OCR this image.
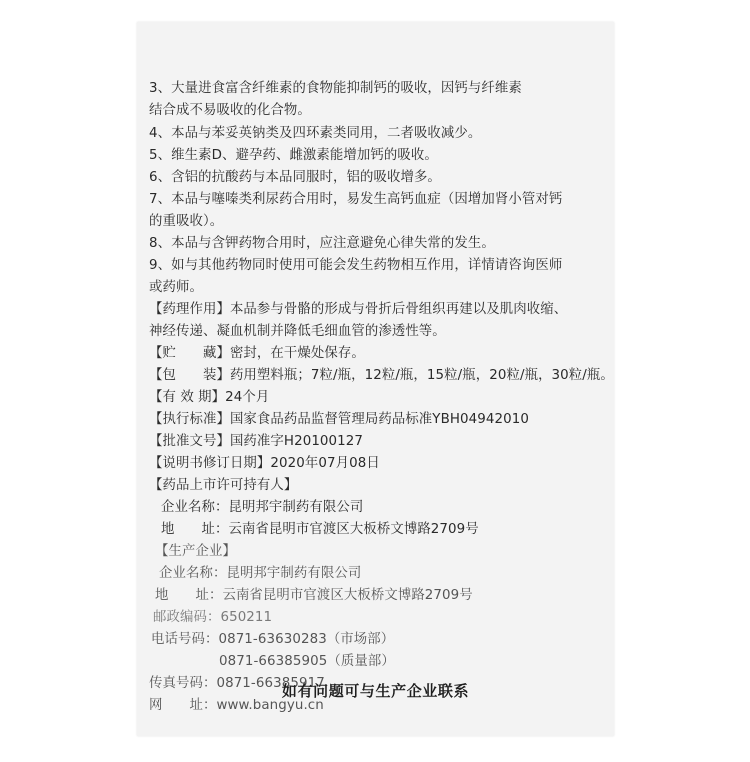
3、大量进食富含纤维素的食物能抑制钙的吸收，因钙与纤维素
结合成不易吸收的化合物。
4、本品与苯妥英钠类及四环素类同用，二者吸收减少。
5、维生素D、避孕药、雌激素能增加钙的吸收。
6、含铝的抗酸药与本品同服时，铝的吸收增多。
7、本品与噻嗪类利尿药合用时，易发生高钙血症（因增加肾小管对钙
的重吸收）。
8、本品与含钾药物合用时，应注意避免心律失常的发生。
9、如与其他药物同时使用可能会发生药物相互作用，详情请咨询医师
或药师。
【药理作用】本品参与骨骼的形成与骨折后骨组织再建以及肌肉收缩、
神经传递、凝血机制并降低毛细血管的渗透性等。
【贮　　藏】密封，在干燥处保存。
【包　　装】药用塑料瓶；7粒/瓶，12粒/瓶，15粒/瓶，20粒/瓶，30粒/瓶。
【有 效 期】24个月
【执行标准】国家食品药品监督管理局药品标准YBH04942010
【批准文号】国药准字H20100127
【说明书修订日期】2020年07月08日
【药品上市许可持有人】
企业名称：昆明邦宇制药有限公司
地　　址：云南省昆明市官渡区大板桥文博路2709号
【生产企业】
企业名称：昆明邦宇制药有限公司
地　　址：云南省昆明市官渡区大板桥文博路2709号
邮政编码：650211
电话号码：0871-63630283（市场部）
0871-66385905（质量部）
传真号码：0871-66385917
网　　址：www.bangyu.cn
如有问题可与生产企业联系
